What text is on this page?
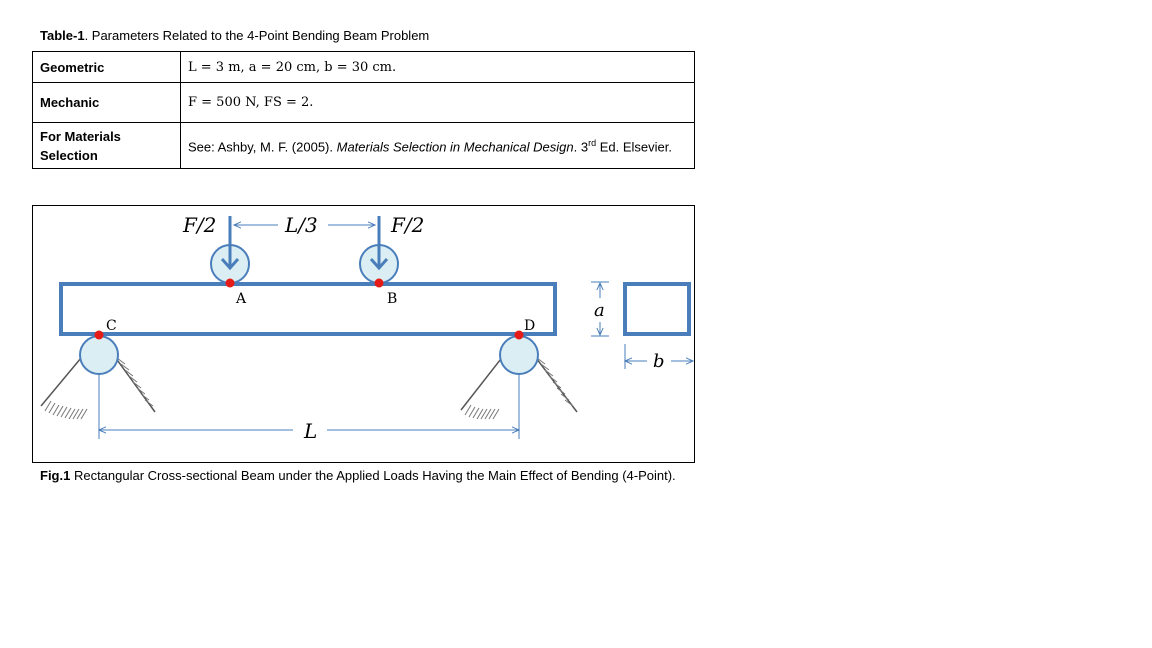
Table-1. Parameters Related to the 4-Point Bending Beam Problem
Geometric	L = 3 m, a = 20 cm, b = 30 cm.
Mechanic	F = 500 N, FS = 2.
For Materials Selection	See: Ashby, M. F. (2005). Materials Selection in Mechanical Design. 3rd Ed. Elsevier.
F/2	F/2
L/3
A	B
C	D
L
a
b
Fig.1 Rectangular Cross-sectional Beam under the Applied Loads Having the Main Effect of Bending (4-Point).
